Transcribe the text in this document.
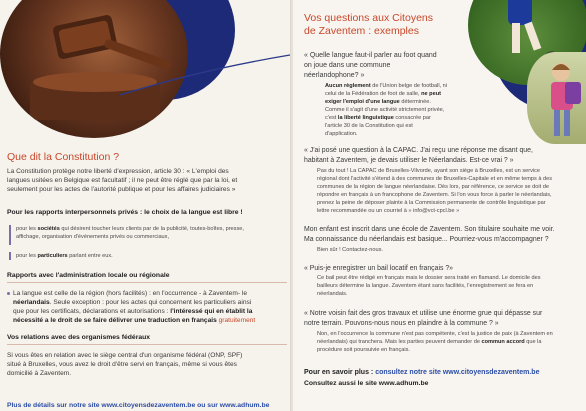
Que dit la Constitution ?

La Constitution protège notre liberté d'expression, article 30 : « L'emploi des

langues usitées en Belgique est facultatif ; il ne peut être réglé que par la loi, et

seulement pour les actes de l'autorité publique et pour les affaires judiciaires »

Pour les rapports interpersonnels privés : le choix de la langue est libre !

pour les sociétés qui désirent toucher leurs clients par de la publicité, toutes-boîtes, presse,

affichage, organisation d'événements privés ou commerciaux,

pour les particuliers parlant entre eux.

Rapports avec l'administration locale ou régionale

La langue est celle de la région (hors facilités) : en l'occurrence - à Zaventem- le

néerlandais. Seule exception : pour les actes qui concernent les particuliers ainsi

que pour les certificats, déclarations et autorisations : l'intéressé qui en établit la

nécessité a le droit de se faire délivrer une traduction en français gratuitement

Vos relations avec des organismes fédéraux

Si vous êtes en relation avec le siège central d'un organisme fédéral (ONP, SPF)

situé à Bruxelles, vous avez le droit d'être servi en français, même si vous êtes

domicilié à Zaventem.

Plus de détails sur notre site www.citoyensdezaventem.be ou sur www.adhum.be

Vos questions aux Citoyens
de Zaventem : exemples

« Quelle langue faut-il parler au foot quand

on joue dans une commune

néerlandophone? »

Aucun règlement de l'Union belge de football, ni

celui de la Fédération de foot de salle, ne peut

exiger l'emploi d'une langue déterminée.

Comme il s'agit d'une activité strictement privée,

c'est la liberté linguistique consacrée par

l'article 30 de la Constitution qui est

d'application.

« J'ai posé une question à la CAPAC. J'ai reçu une réponse me disant que,

habitant à Zaventem, je devais utiliser le Néerlandais. Est-ce vrai ? »

Pas du tout ! La CAPAC de Bruxelles-Vilvorde, ayant son siège à Bruxelles, est un service

régional dont l'activité s'étend à des communes de Bruxelles-Capitale et en même temps à des

communes de la région de langue néerlandaise. Dès lors, par référence, ce service se doit de

répondre en français à un francophone de Zaventem. Si l'on vous force à parler le néerlandais,

prenez la peine de déposer plainte à la Commission permanente de contrôle linguistique par

lettre recommandée ou un courriel à » info@vct-cpcl.be »

Mon enfant est inscrit dans une école de Zaventem. Son titulaire souhaite me voir.

Ma connaissance du néerlandais est basique... Pourriez-vous m'accompagner ?

Bien sûr ! Contactez-nous.

« Puis-je enregistrer un bail locatif en français ?»

Ce bail peut être rédigé en français mais le dossier sera traité en flamand. Le domicile des

bailleurs détermine la langue. Zaventem étant sans facilités, l'enregistrement se fera en

néerlandais.

« Notre voisin fait des gros travaux et utilise une énorme grue qui dépasse sur

notre terrain. Pouvons-nous nous en plaindre à la commune ? »

Non, en l'occurrence la commune n'est pas compétente, c'est la justice de paix (à Zaventem en

néerlandais) qui tranchera. Mais les parties peuvent demander de commun accord que la

procédure soit poursuivie en français.

Pour en savoir plus : consultez notre site www.citoyensdezaventem.be

Consultez aussi le site www.adhum.be
